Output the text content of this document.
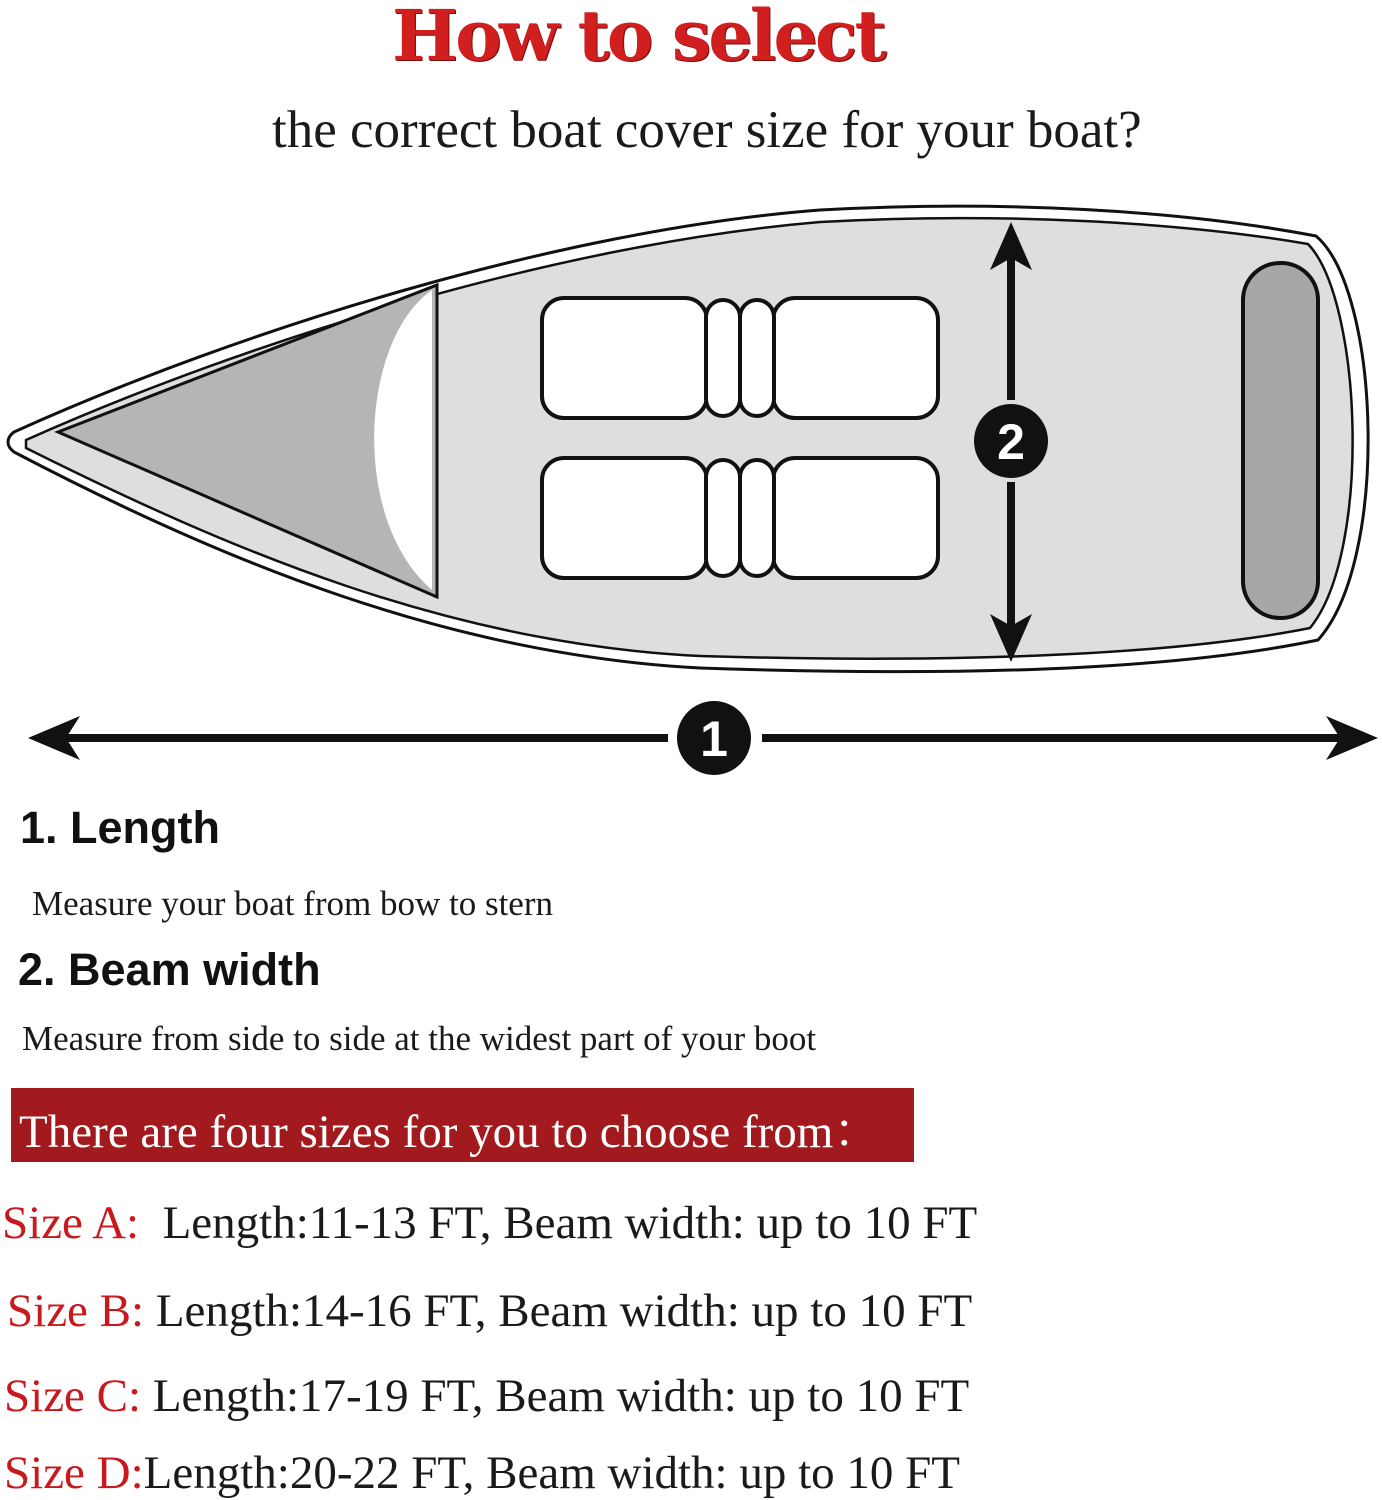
How to select
the correct boat cover size for your boat?
2
1
1. Length
Measure your boat from bow to stern
2. Beam width
Measure from side to side at the widest part of your boot
There are four sizes for you to choose from：
Size A: Length:11-13 FT, Beam width: up to 10 FT
Size B: Length:14-16 FT, Beam width: up to 10 FT
Size C: Length:17-19 FT, Beam width: up to 10 FT
Size D:Length:20-22 FT, Beam width: up to 10 FT
